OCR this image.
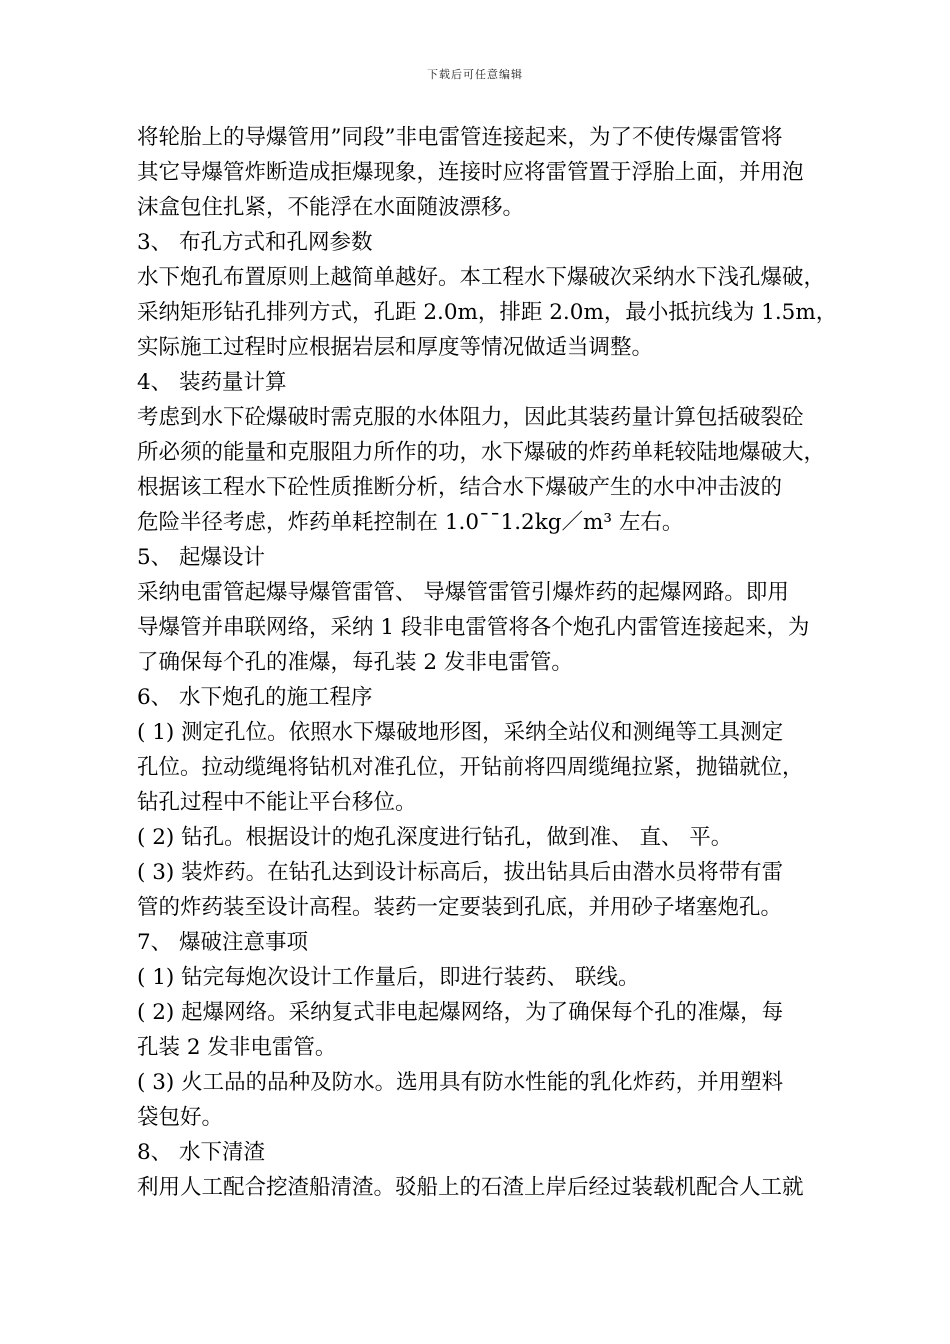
下载后可任意编辑
将轮胎上的导爆管用”同段”非电雷管连接起来，为了不使传爆雷管将
其它导爆管炸断造成拒爆现象，连接时应将雷管置于浮胎上面，并用泡
沫盒包住扎紧，不能浮在水面随波漂移。
3、 布孔方式和孔网参数
水下炮孔布置原则上越简单越好。本工程水下爆破次采纳水下浅孔爆破，
采纳矩形钻孔排列方式，孔距 2.0m，排距 2.0m，最小抵抗线为 1.5m，
实际施工过程时应根据岩层和厚度等情况做适当调整。
4、 装药量计算
考虑到水下砼爆破时需克服的水体阻力，因此其装药量计算包括破裂砼
所必须的能量和克服阻力所作的功，水下爆破的炸药单耗较陆地爆破大，
根据该工程水下砼性质推断分析，结合水下爆破产生的水中冲击波的
危险半径考虑，炸药单耗控制在 1.0¯¯1.2kg／m³ 左右。
5、 起爆设计
采纳电雷管起爆导爆管雷管、 导爆管雷管引爆炸药的起爆网路。即用
导爆管并串联网络，采纳 1 段非电雷管将各个炮孔内雷管连接起来，为
了确保每个孔的准爆，每孔装 2 发非电雷管。
6、 水下炮孔的施工程序
( 1) 测定孔位。依照水下爆破地形图，采纳全站仪和测绳等工具测定
孔位。拉动缆绳将钻机对准孔位，开钻前将四周缆绳拉紧，抛锚就位，
钻孔过程中不能让平台移位。
( 2) 钻孔。根据设计的炮孔深度进行钻孔，做到准、 直、 平。
( 3) 装炸药。在钻孔达到设计标高后，拔出钻具后由潜水员将带有雷
管的炸药装至设计高程。装药一定要装到孔底，并用砂子堵塞炮孔。
7、 爆破注意事项
( 1) 钻完每炮次设计工作量后，即进行装药、 联线。
( 2) 起爆网络。采纳复式非电起爆网络，为了确保每个孔的准爆，每
孔装 2 发非电雷管。
( 3) 火工品的品种及防水。选用具有防水性能的乳化炸药，并用塑料
袋包好。
8、 水下清渣
利用人工配合挖渣船清渣。驳船上的石渣上岸后经过装载机配合人工就
